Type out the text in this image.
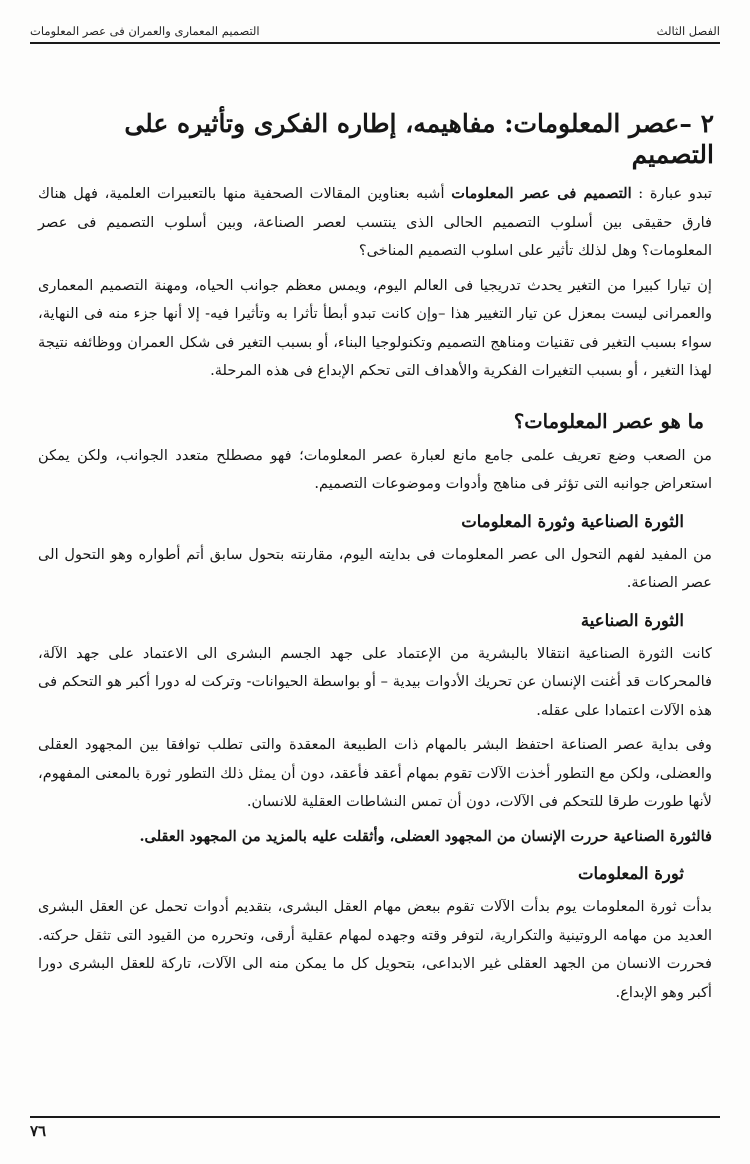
الفصل الثالث
التصميم المعمارى والعمران فى عصر المعلومات
٢ –عصر المعلومات: مفاهيمه، إطاره الفكرى وتأثيره على التصميم

تبدو عبارة : التصميم فى عصر المعلومات أشبه بعناوين المقالات الصحفية منها بالتعبيرات العلمية، فهل هناك فارق حقيقى بين أسلوب التصميم الحالى الذى ينتسب لعصر الصناعة، وبين أسلوب التصميم فى عصر المعلومات؟ وهل لذلك تأثير على اسلوب التصميم المناخى؟

إن تيارا كبيرا من التغير يحدث تدريجيا فى العالم اليوم، ويمس معظم جوانب الحياه، ومهنة التصميم المعمارى والعمرانى ليست بمعزل عن تيار التغيير هذا –وإن كانت تبدو أبطأ تأثرا به وتأثيرا فيه- إلا أنها جزء منه فى النهاية، سواء بسبب التغير فى تقنيات ومناهج التصميم وتكنولوجيا البناء، أو بسبب التغير فى شكل العمران ووظائفه نتيجة لهذا التغير ، أو بسبب التغيرات الفكرية والأهداف التى تحكم الإبداع فى هذه المرحلة.

ما هو عصر المعلومات؟

من الصعب وضع تعريف علمى جامع مانع لعبارة عصر المعلومات؛ فهو مصطلح متعدد الجوانب، ولكن يمكن استعراض جوانبه التى تؤثر فى مناهج وأدوات وموضوعات التصميم.

الثورة الصناعية وثورة المعلومات

من المفيد لفهم التحول الى عصر المعلومات فى بدايته اليوم، مقارنته بتحول سابق أتم أطواره وهو التحول الى عصر الصناعة.

الثورة الصناعية

كانت الثورة الصناعية انتقالا بالبشرية من الإعتماد على جهد الجسم البشرى الى الاعتماد على جهد الآلة، فالمحركات قد أغنت الإنسان عن تحريك الأدوات بيدية – أو بواسطة الحيوانات- وتركت له دورا أكبر هو التحكم فى هذه الآلات اعتمادا على عقله.

وفى بداية عصر الصناعة احتفظ البشر بالمهام ذات الطبيعة المعقدة والتى تطلب توافقا بين المجهود العقلى والعضلى، ولكن مع التطور أخذت الآلات تقوم بمهام أعقد فأعقد، دون أن يمثل ذلك التطور ثورة بالمعنى المفهوم، لأنها طورت طرقا للتحكم فى الآلات، دون أن تمس النشاطات العقلية للانسان.

فالثورة الصناعية حررت الإنسان من المجهود العضلى، وأثقلت عليه بالمزيد من المجهود العقلى.

ثورة المعلومات

بدأت ثورة المعلومات يوم بدأت الآلات تقوم ببعض مهام العقل البشرى، بتقديم أدوات تحمل عن العقل البشرى العديد من مهامه الروتينية والتكرارية، لتوفر وقته وجهده لمهام عقلية أرقى، وتحرره من القيود التى تثقل حركته. فحررت الانسان من الجهد العقلى غير الابداعى، بتحويل كل ما يمكن منه الى الآلات، تاركة للعقل البشرى دورا أكبر وهو الإبداع.

٧٦
